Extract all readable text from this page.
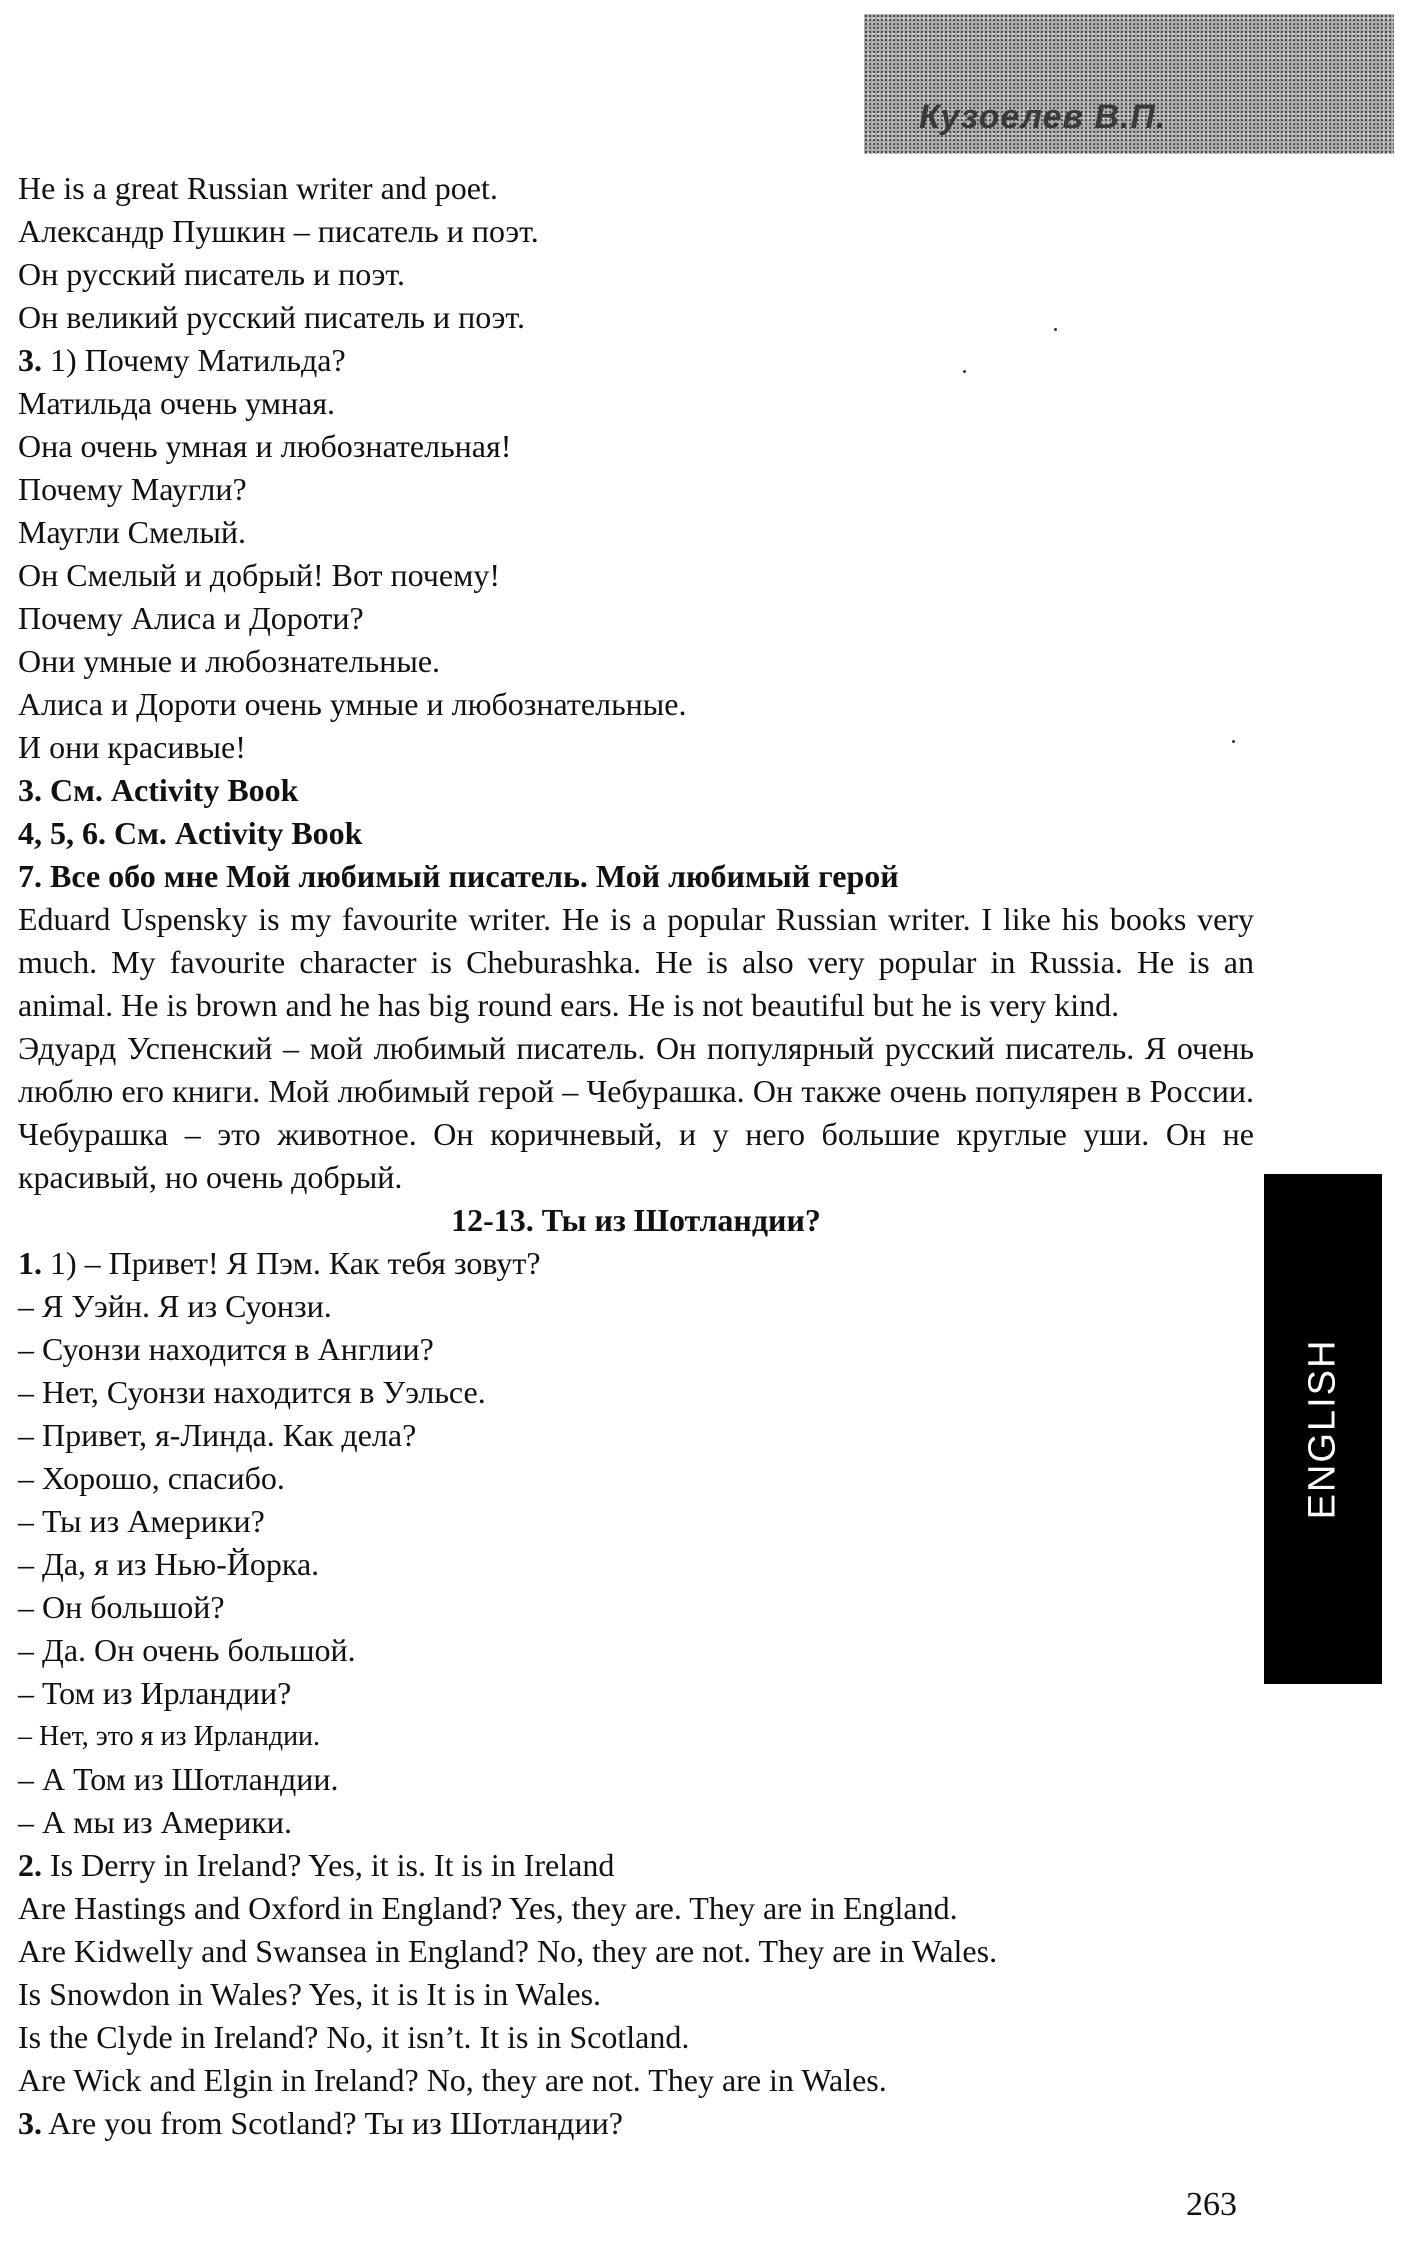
Кузоелев В.П.
He is a great Russian writer and poet.
Александр Пушкин – писатель и поэт.
Он русский писатель и поэт.
Он великий русский писатель и поэт.
3. 1) Почему Матильда?
Матильда очень умная.
Она очень умная и любознательная!
Почему Маугли?
Маугли Смелый.
Он Смелый и добрый! Вот почему!
Почему Алиса и Дороти?
Они умные и любознательные.
Алиса и Дороти очень умные и любознательные.
И они красивые!
3. См. Activity Book
4, 5, 6. См. Activity Book
7. Все обо мне Мой любимый писатель. Мой любимый герой

Eduard Uspensky is my favourite writer. He is a popular Russian writer. I like his books very much. My favourite character is Cheburashka. He is also very popular in Russia. He is an animal. He is brown and he has big round ears. He is not beautiful but he is very kind.

Эдуард Успенский – мой любимый писатель. Он популярный русский писатель. Я очень люблю его книги. Мой любимый герой – Чебурашка. Он также очень популярен в России. Чебурашка – это животное. Он коричневый, и у него большие круглые уши. Он не красивый, но очень добрый.

12-13. Ты из Шотландии?
1. 1) – Привет! Я Пэм. Как тебя зовут?
– Я Уэйн. Я из Суонзи.
– Суонзи находится в Англии?
– Нет, Суонзи находится в Уэльсе.
– Привет, я-Линда. Как дела?
– Хорошо, спасибо.
– Ты из Америки?
– Да, я из Нью-Йорка.
– Он большой?
– Да. Он очень большой.
– Том из Ирландии?
– Нет, это я из Ирландии.
– А Том из Шотландии.
– А мы из Америки.
2. Is Derry in Ireland? Yes, it is. It is in Ireland
Are Hastings and Oxford in England? Yes, they are. They are in England.
Are Kidwelly and Swansea in England? No, they are not. They are in Wales.
Is Snowdon in Wales? Yes, it is It is in Wales.
Is the Clyde in Ireland? No, it isn’t. It is in Scotland.
Are Wick and Elgin in Ireland? No, they are not. They are in Wales.
3. Are you from Scotland? Ты из Шотландии?
ENGLISH
263
